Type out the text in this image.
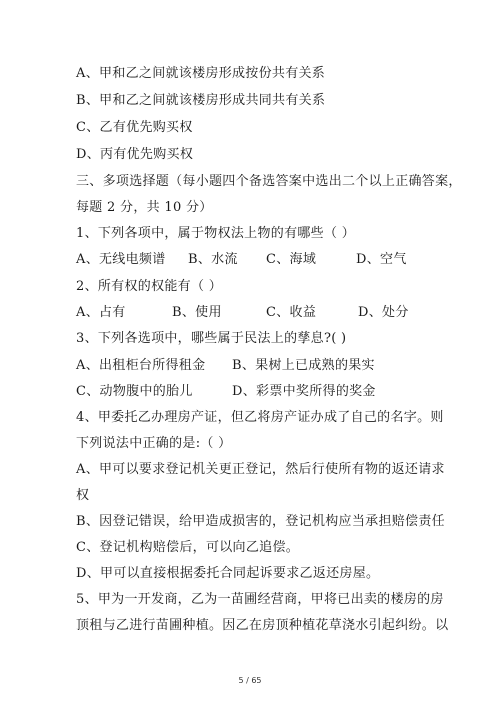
A、甲和乙之间就该楼房形成按份共有关系
B、甲和乙之间就该楼房形成共同共有关系
C、乙有优先购买权
D、丙有优先购买权
三、多项选择题（每小题四个备选答案中选出二个以上正确答案，
每题 2 分，共 10 分）
1、下列各项中，属于物权法上物的有哪些（ ）
A、无线电频谱	B、水流	C、海域	D、空气
2、所有权的权能有（ ）
A、占有	B、使用	C、收益	D、处分
3、下列各选项中，哪些属于民法上的孳息?( )
A、出租柜台所得租金	B、果树上已成熟的果实
C、动物腹中的胎儿	D、彩票中奖所得的奖金
4、甲委托乙办理房产证，但乙将房产证办成了自己的名字。则
下列说法中正确的是:（ ）
A、甲可以要求登记机关更正登记，然后行使所有物的返还请求
权
B、因登记错误，给甲造成损害的，登记机构应当承担赔偿责任
C、登记机构赔偿后，可以向乙追偿。
D、甲可以直接根据委托合同起诉要求乙返还房屋。
5、甲为一开发商，乙为一苗圃经营商，甲将已出卖的楼房的房
顶租与乙进行苗圃种植。因乙在房顶种植花草浇水引起纠纷。以
5 / 65
